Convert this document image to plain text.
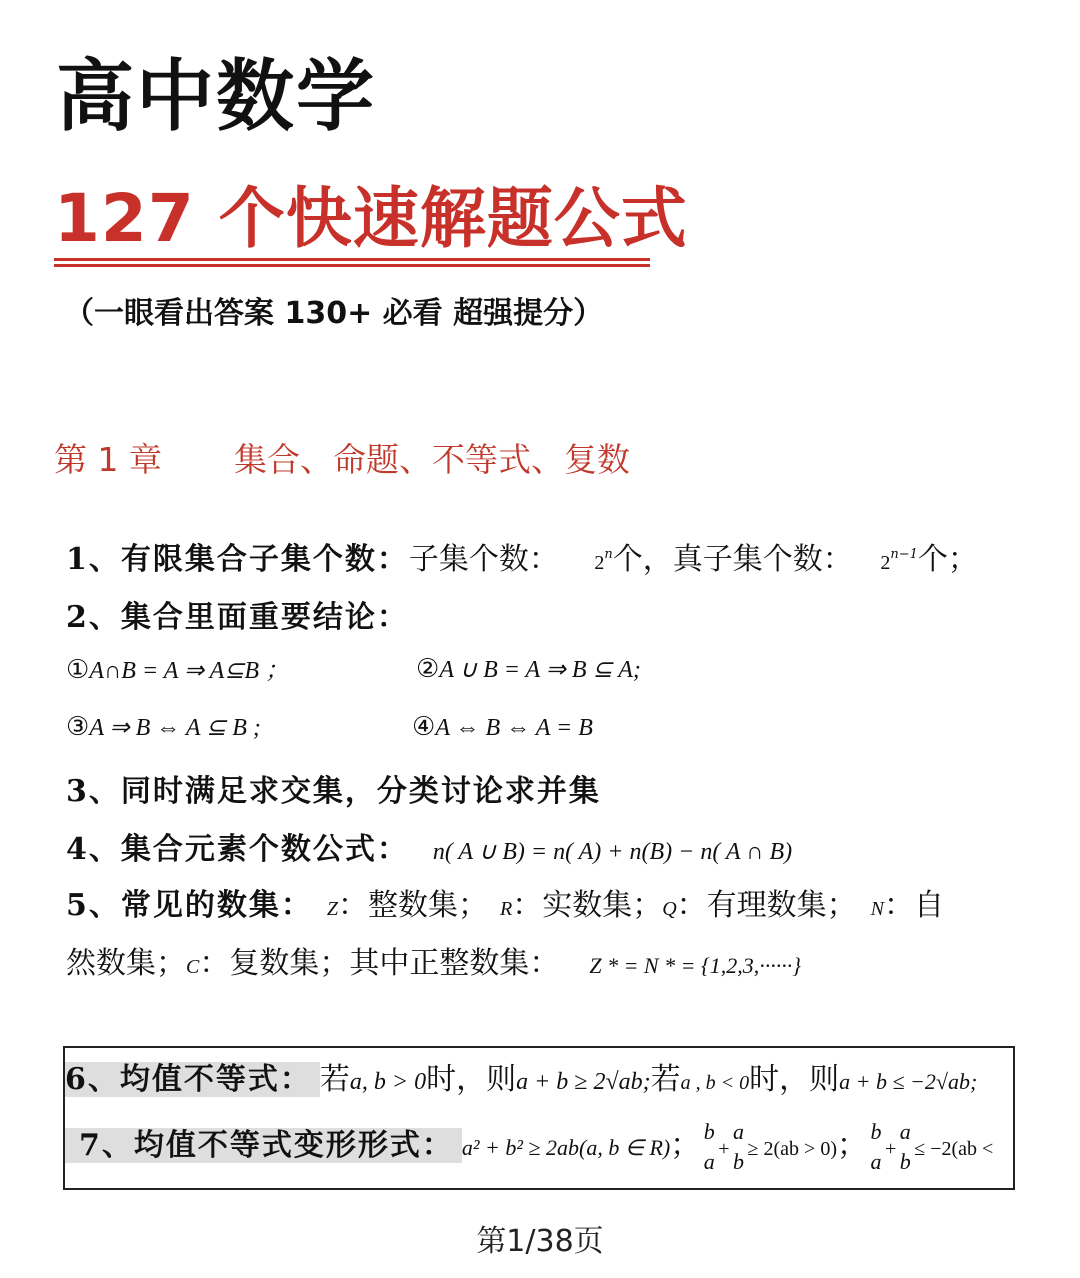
高中数学
127 个快速解题公式
（一眼看出答案 130+ 必看 超强提分）
第 1 章	集合、命题、不等式、复数
1、有限集合子集个数：子集个数： 2$^n$个，真子集个数： $2^{n-1}$个；
2、集合里面重要结论：
①A∩B = A ⇒ A⊆B ；	②A ∪ B = A ⇒ B ⊆ A;
③A ⇒ B ⇔ A ⊆ B ;	④A ⇔ B ⇔ A = B
3、同时满足求交集，分类讨论求并集
4、集合元素个数公式： n( A ∪ B) = n( A) + n(B) − n( A ∩ B)
5、常见的数集： Z：整数集； R：实数集；Q：有理数集； N：自
然数集；C：复数集；其中正整数集： Z * = N * = {1,2,3,······}
6、均值不等式： 若a, b > 0时，则a + b ≥ 2√ab;若a , b < 0时，则a + b ≤ −2√ab;
7、均值不等式变形形式： a² + b² ≥ 2ab(a, b ∈ R)； b
a +
a
b ≥ 2(ab > 0)； b
a +
a
b ≤ −2(ab <
第1/38页
